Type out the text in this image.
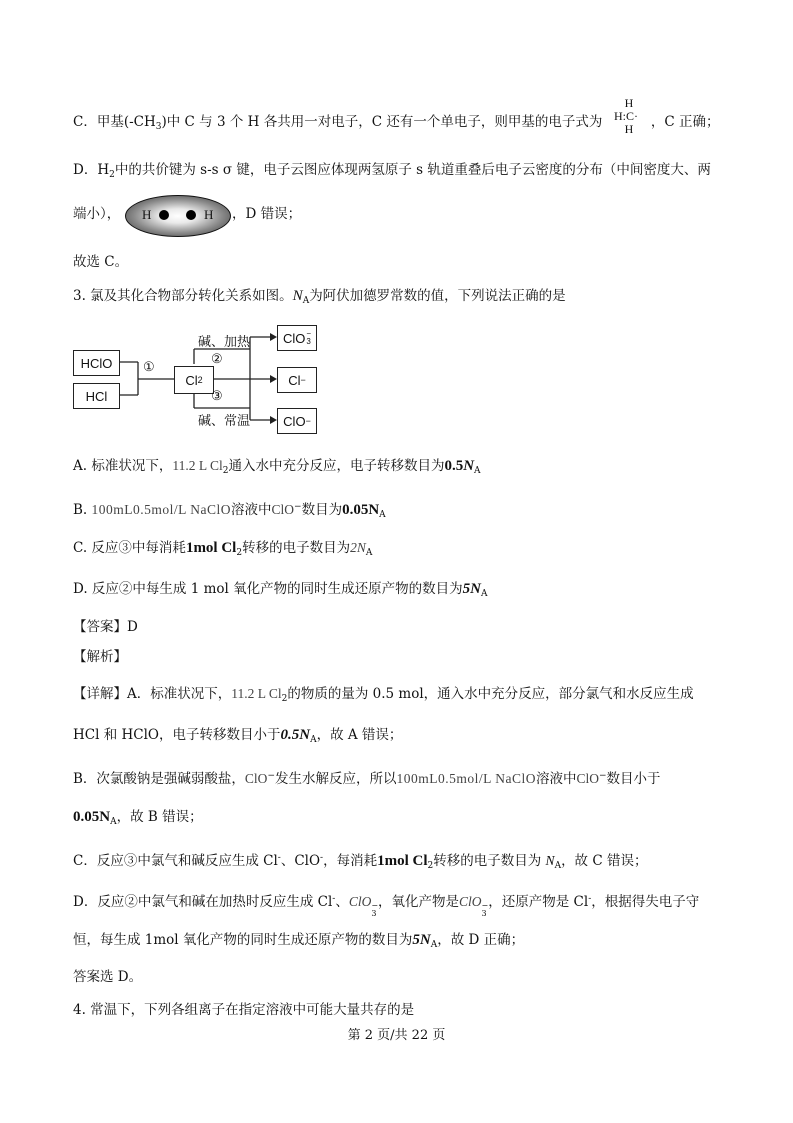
C．甲基$(-CH_3)$中 C 与 3 个 H 各共用一对电子，C 还有一个单电子，则甲基的电子式为	，C 正确；
H
H:C·
H
D．$H_2$中的共价键为 s-s σ 键，电子云图应体现两氢原子 s 轨道重叠后电子云密度的分布（中间密度大、两
端小）， H	H ，D 错误；
故选 C。
3. 氯及其化合物部分转化关系如图。$N_A$为阿伏加德罗常数的值，下列说法正确的是
HClO
HCl
①
Cl 2
碱、加热
②
③
碱、常温
ClO −
3
Cl −
ClO −
A. 标准状况下，11.2 L $Cl_2$通入水中充分反应，电子转移数目为$0.5N_A$
B. 100mL0.5mol/L NaClO溶液中ClO−数目为$0.05N_A$
C. 反应③中每消耗1mol $Cl_2$转移的电子数目为$2N_A$
D. 反应②中每生成 1 mol 氧化产物的同时生成还原产物的数目为$5N_A$
【答案】D
【解析】
【详解】A．标准状况下，11.2 L $Cl_2$的物质的量为 0.5 mol，通入水中充分反应，部分氯气和水反应生成
HCl 和 HClO，电子转移数目小于$0.5N_A$，故 A 错误；
B．次氯酸钠是强碱弱酸盐，ClO−发生水解反应，所以100mL0.5mol/L NaClO溶液中ClO−数目小于
$0.05N_A$，故 B 错误；
C．反应③中氯气和碱反应生成 Cl-、ClO-，每消耗1mol $Cl_2$转移的电子数目为 $N_A$，故 C 错误；
D．反应②中氯气和碱在加热时反应生成 Cl-、ClO −
3
，氧化产物是ClO −
3
，还原产物是 Cl-，根据得失电子守
恒，每生成 1mol 氧化产物的同时生成还原产物的数目为$5N_A$，故 D 正确；
答案选 D。
4. 常温下，下列各组离子在指定溶液中可能大量共存的是
第 2 页/共 22 页
